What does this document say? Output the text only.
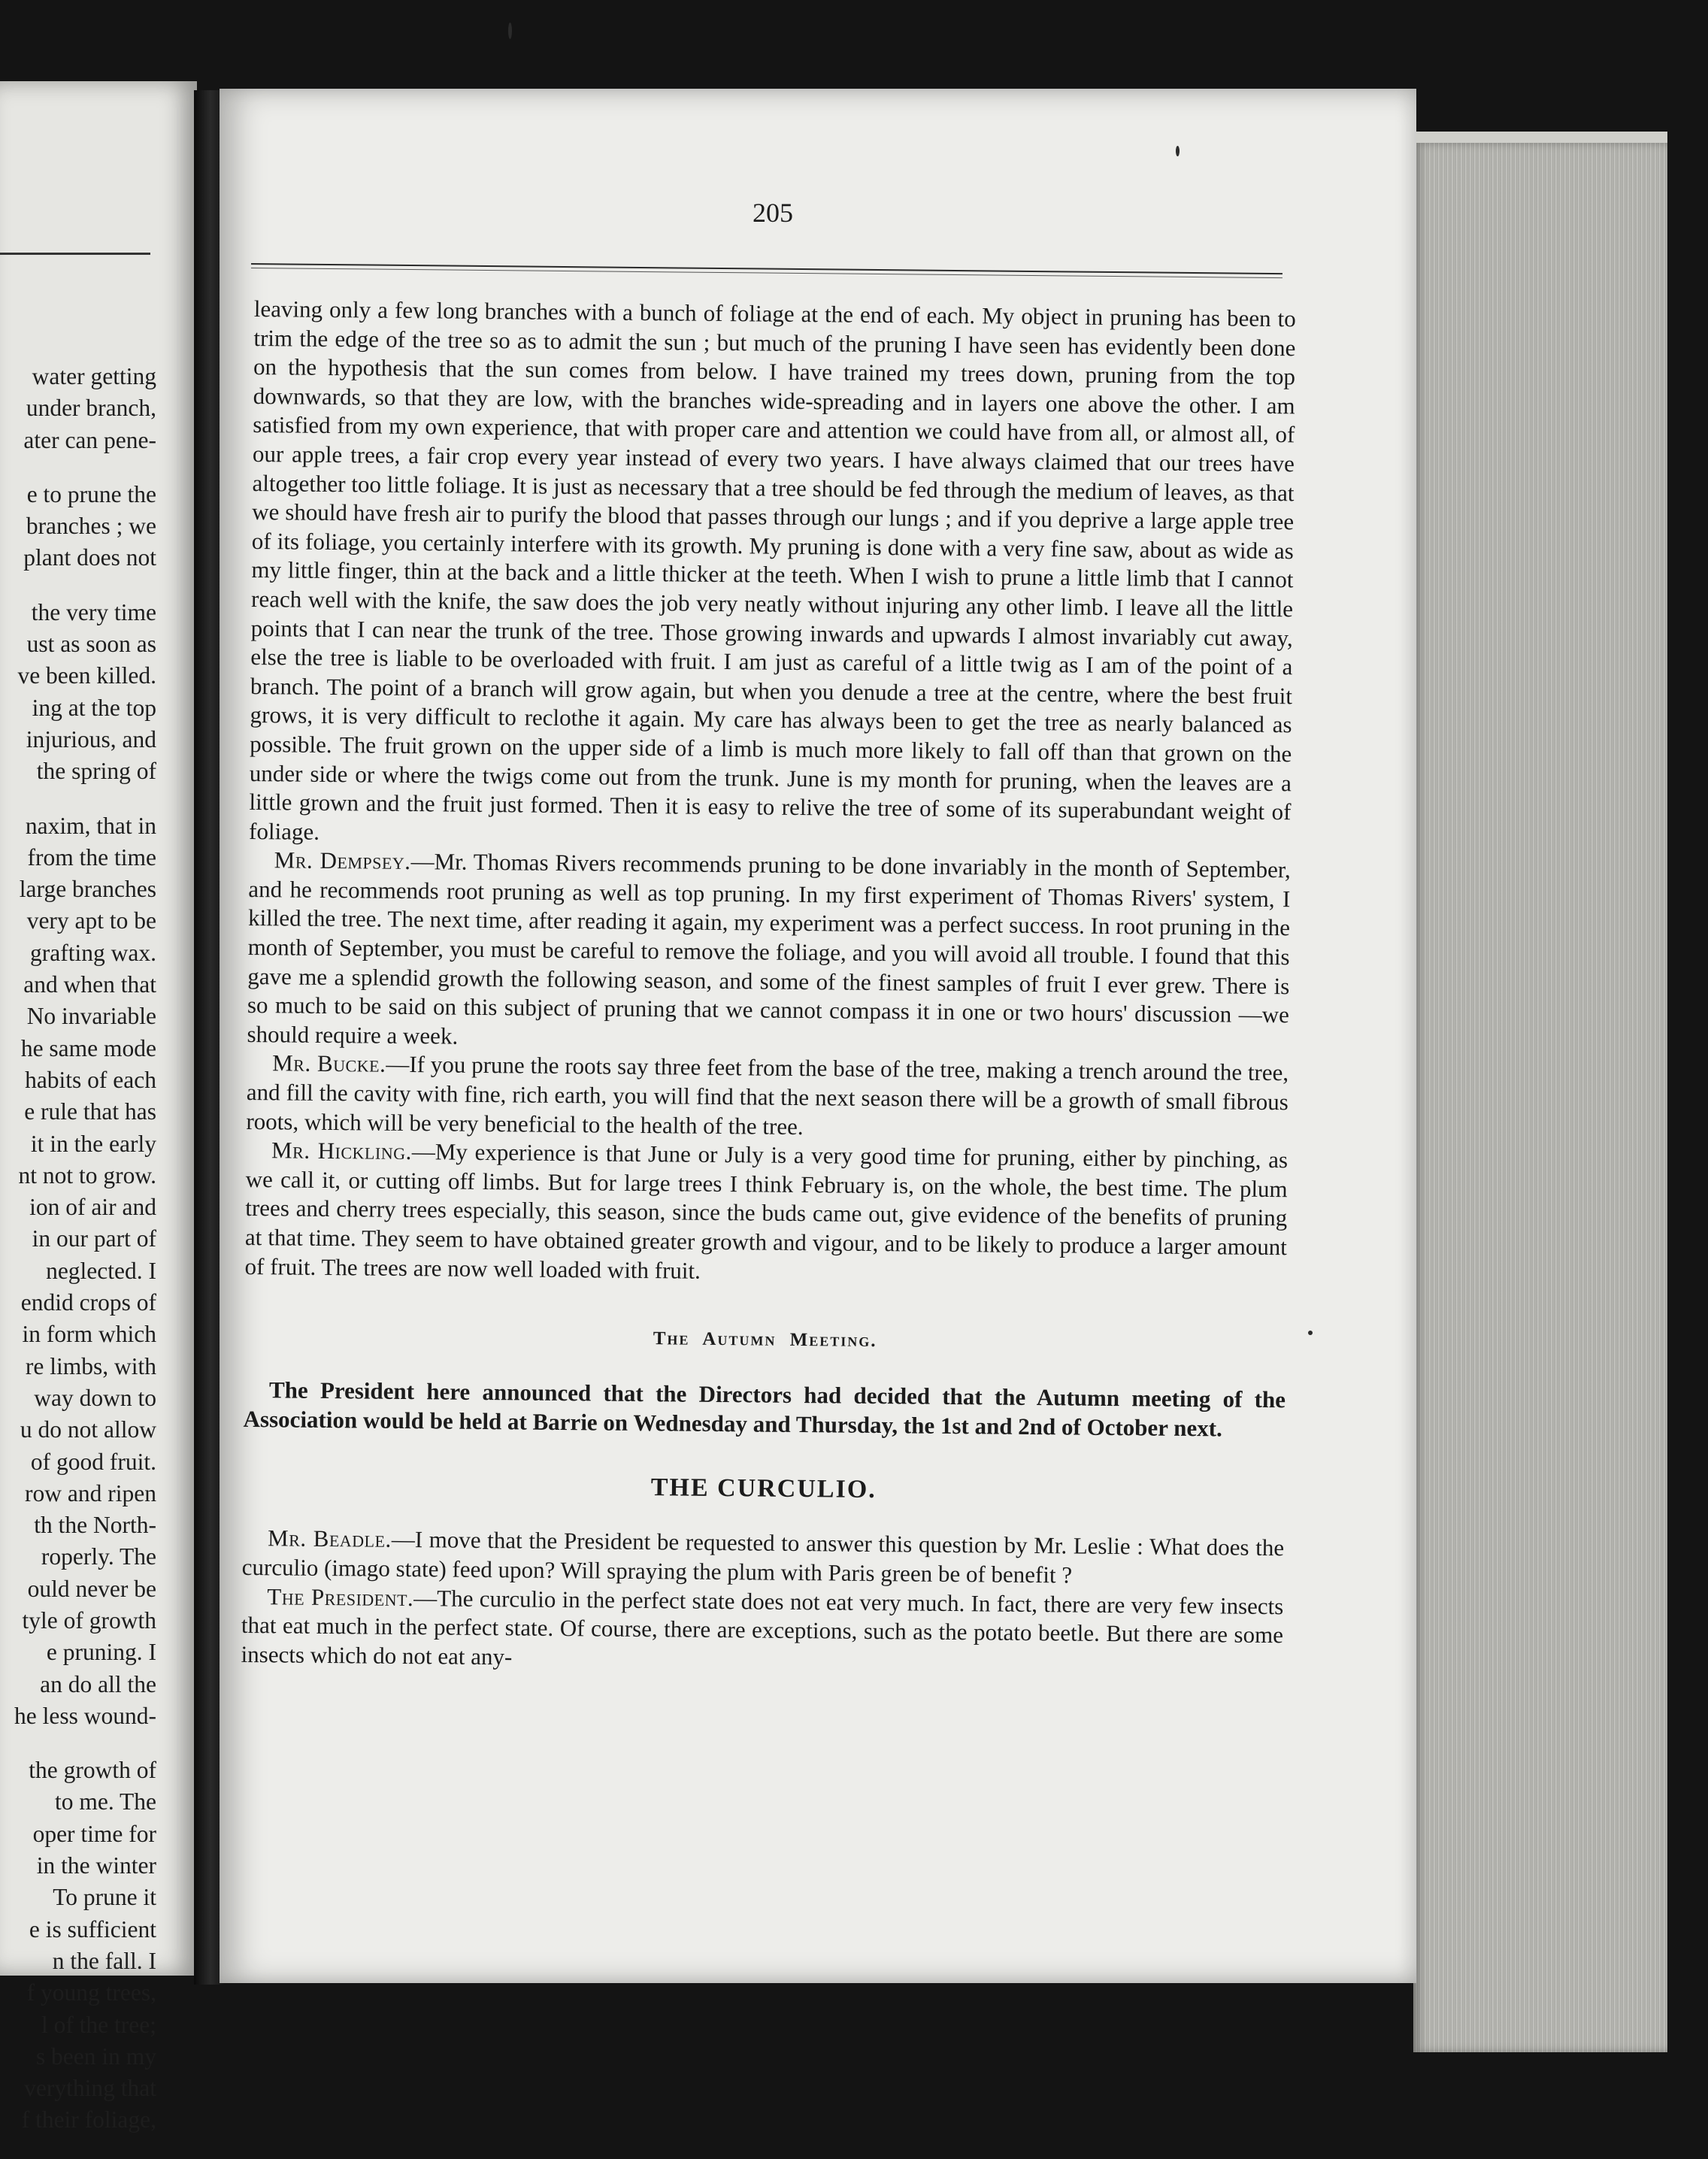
water getting
under branch,
ater can pene-
e to prune the
branches ; we
plant does not
the very time
ust as soon as
ve been killed.
ing at the top
injurious, and
the spring of
naxim, that in
from the time
large branches
very apt to be
grafting wax.
and when that
No invariable
he same mode
habits of each
e rule that has
it in the early
nt not to grow.
ion of air and
in our part of
neglected. I
endid crops of
in form which
re limbs, with
way down to
u do not allow
of good fruit.
row and ripen
th the North-
roperly. The
ould never be
tyle of growth
e pruning. I
an do all the
he less wound-
the growth of
to me. The
oper time for
in the winter
To prune it
e is sufficient
n the fall. I
f young trees,
l of the tree;
s been in my
verything that
f their foliage,
205

leaving only a few long branches with a bunch of foliage at the end of each. My object in pruning has been to trim the edge of the tree so as to admit the sun ; but much of the pruning I have seen has evidently been done on the hypothesis that the sun comes from below. I have trained my trees down, pruning from the top downwards, so that they are low, with the branches wide-spreading and in layers one above the other. I am satisfied from my own experience, that with proper care and attention we could have from all, or almost all, of our apple trees, a fair crop every year instead of every two years. I have always claimed that our trees have altogether too little foliage. It is just as necessary that a tree should be fed through the medium of leaves, as that we should have fresh air to purify the blood that passes through our lungs ; and if you deprive a large apple tree of its foliage, you certainly interfere with its growth. My pruning is done with a very fine saw, about as wide as my little finger, thin at the back and a little thicker at the teeth. When I wish to prune a little limb that I cannot reach well with the knife, the saw does the job very neatly without injuring any other limb. I leave all the little points that I can near the trunk of the tree. Those growing inwards and upwards I almost invariably cut away, else the tree is liable to be overloaded with fruit. I am just as careful of a little twig as I am of the point of a branch. The point of a branch will grow again, but when you denude a tree at the centre, where the best fruit grows, it is very difficult to reclothe it again. My care has always been to get the tree as nearly balanced as possible. The fruit grown on the upper side of a limb is much more likely to fall off than that grown on the under side or where the twigs come out from the trunk. June is my month for pruning, when the leaves are a little grown and the fruit just formed. Then it is easy to relive the tree of some of its superabundant weight of foliage.

Mr. Dempsey.—Mr. Thomas Rivers recommends pruning to be done invariably in the month of September, and he recommends root pruning as well as top pruning. In my first experiment of Thomas Rivers' system, I killed the tree. The next time, after reading it again, my experiment was a perfect success. In root pruning in the month of September, you must be careful to remove the foliage, and you will avoid all trouble. I found that this gave me a splendid growth the following season, and some of the finest samples of fruit I ever grew. There is so much to be said on this subject of pruning that we cannot compass it in one or two hours' discussion —we should require a week.

Mr. Bucke.—If you prune the roots say three feet from the base of the tree, making a trench around the tree, and fill the cavity with fine, rich earth, you will find that the next season there will be a growth of small fibrous roots, which will be very beneficial to the health of the tree.

Mr. Hickling.—My experience is that June or July is a very good time for pruning, either by pinching, as we call it, or cutting off limbs. But for large trees I think February is, on the whole, the best time. The plum trees and cherry trees especially, this season, since the buds came out, give evidence of the benefits of pruning at that time. They seem to have obtained greater growth and vigour, and to be likely to produce a larger amount of fruit. The trees are now well loaded with fruit.

The Autumn Meeting.

The President here announced that the Directors had decided that the Autumn meeting of the Association would be held at Barrie on Wednesday and Thursday, the 1st and 2nd of October next.

THE CURCULIO.

Mr. Beadle.—I move that the President be requested to answer this question by Mr. Leslie : What does the curculio (imago state) feed upon? Will spraying the plum with Paris green be of benefit ?

The President.—The curculio in the perfect state does not eat very much. In fact, there are very few insects that eat much in the perfect state. Of course, there are exceptions, such as the potato beetle. But there are some insects which do not eat any-
